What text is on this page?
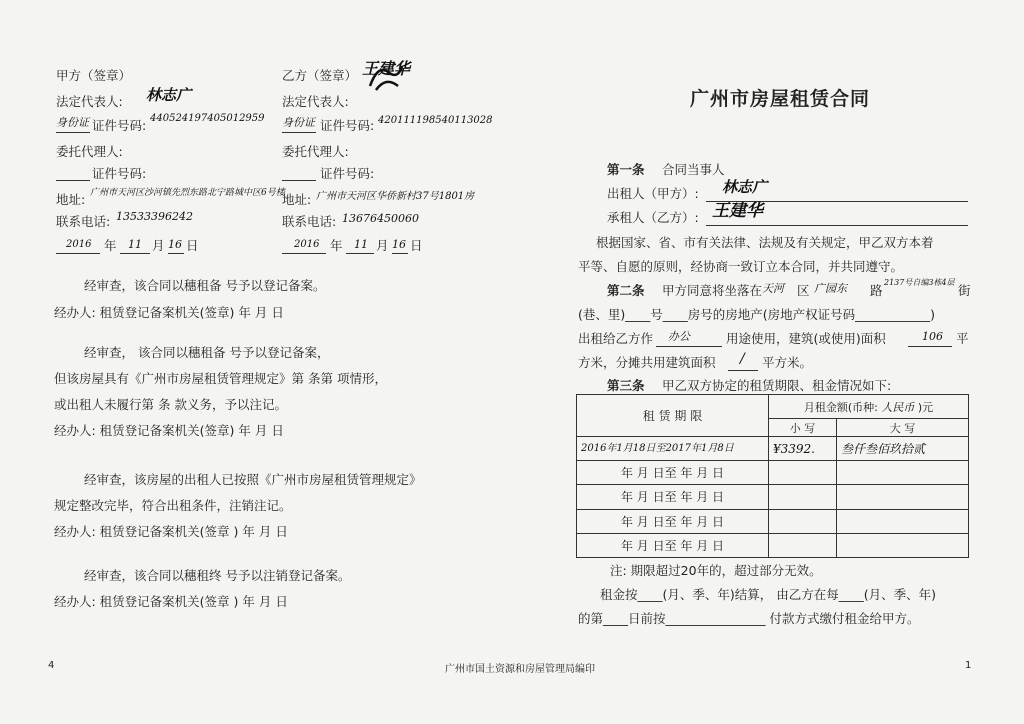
甲方（签章）	乙方（签章） 王建华
法定代表人: 林志广	法定代表人:
身份证 证件号码: 440524197405012959 身份证 证件号码: 420111198540113028
委托代理人:	委托代理人:
证件号码:	证件号码:
地址: 广州市天河区沙河镇先烈东路北宁路城中区6号楼
地址: 广州市天河区华侨新村37号1801房
联系电话: 13533396242	联系电话: 13676450060
2016 年 11 月 16 日	2016 年 11 月 16 日
经审查，该合同以穗租备 号予以登记备案。
经办人: 租赁登记备案机关(签章) 年 月 日
经审查， 该合同以穗租备 号予以登记备案，
但该房屋具有《广州市房屋租赁管理规定》第 条第 项情形，
或出租人未履行第 条 款义务，予以注记。
经办人: 租赁登记备案机关(签章) 年 月 日
经审查，该房屋的出租人已按照《广州市房屋租赁管理规定》
规定整改完毕，符合出租条件，注销注记。
经办人: 租赁登记备案机关(签章 ) 年 月 日
经审查，该合同以穗租终 号予以注销登记备案。
经办人: 租赁登记备案机关(签章 ) 年 月 日
广州市房屋租赁合同
第一条 合同当事人
出租人（甲方）: 林志广
承租人（乙方）: 王建华
根据国家、省、市有关法律、法规及有关规定，甲乙双方本着
平等、自愿的原则，经协商一致订立本合同，并共同遵守。
第二条 甲方同意将坐落在 天河 区 广园东 路
2137号自编3栋4层
街
(巷、里)____号____房号的房地产(房地产权证号码____________)
出租给乙方作 办公	用途使用，建筑(或使用)面积	106 平
方米，分摊共用建筑面积 / 平方米。
第三条 甲乙双方协定的租赁期限、租金情况如下:
租 赁 期 限	月租金额(币种: 人民币 )元	
	小 写	大 写
2016年1月18日至2017年1月8日	¥3392.	叁仟叁佰玖拾贰
年 月 日至 年 月 日		
年 月 日至 年 月 日		
年 月 日至 年 月 日		
年 月 日至 年 月 日		
注: 期限超过20年的，超过部分无效。
租金按____(月、季、年)结算， 由乙方在每____(月、季、年)
的第____日前按________________ 付款方式缴付租金给甲方。
4	广州市国土资源和房屋管理局编印	1
